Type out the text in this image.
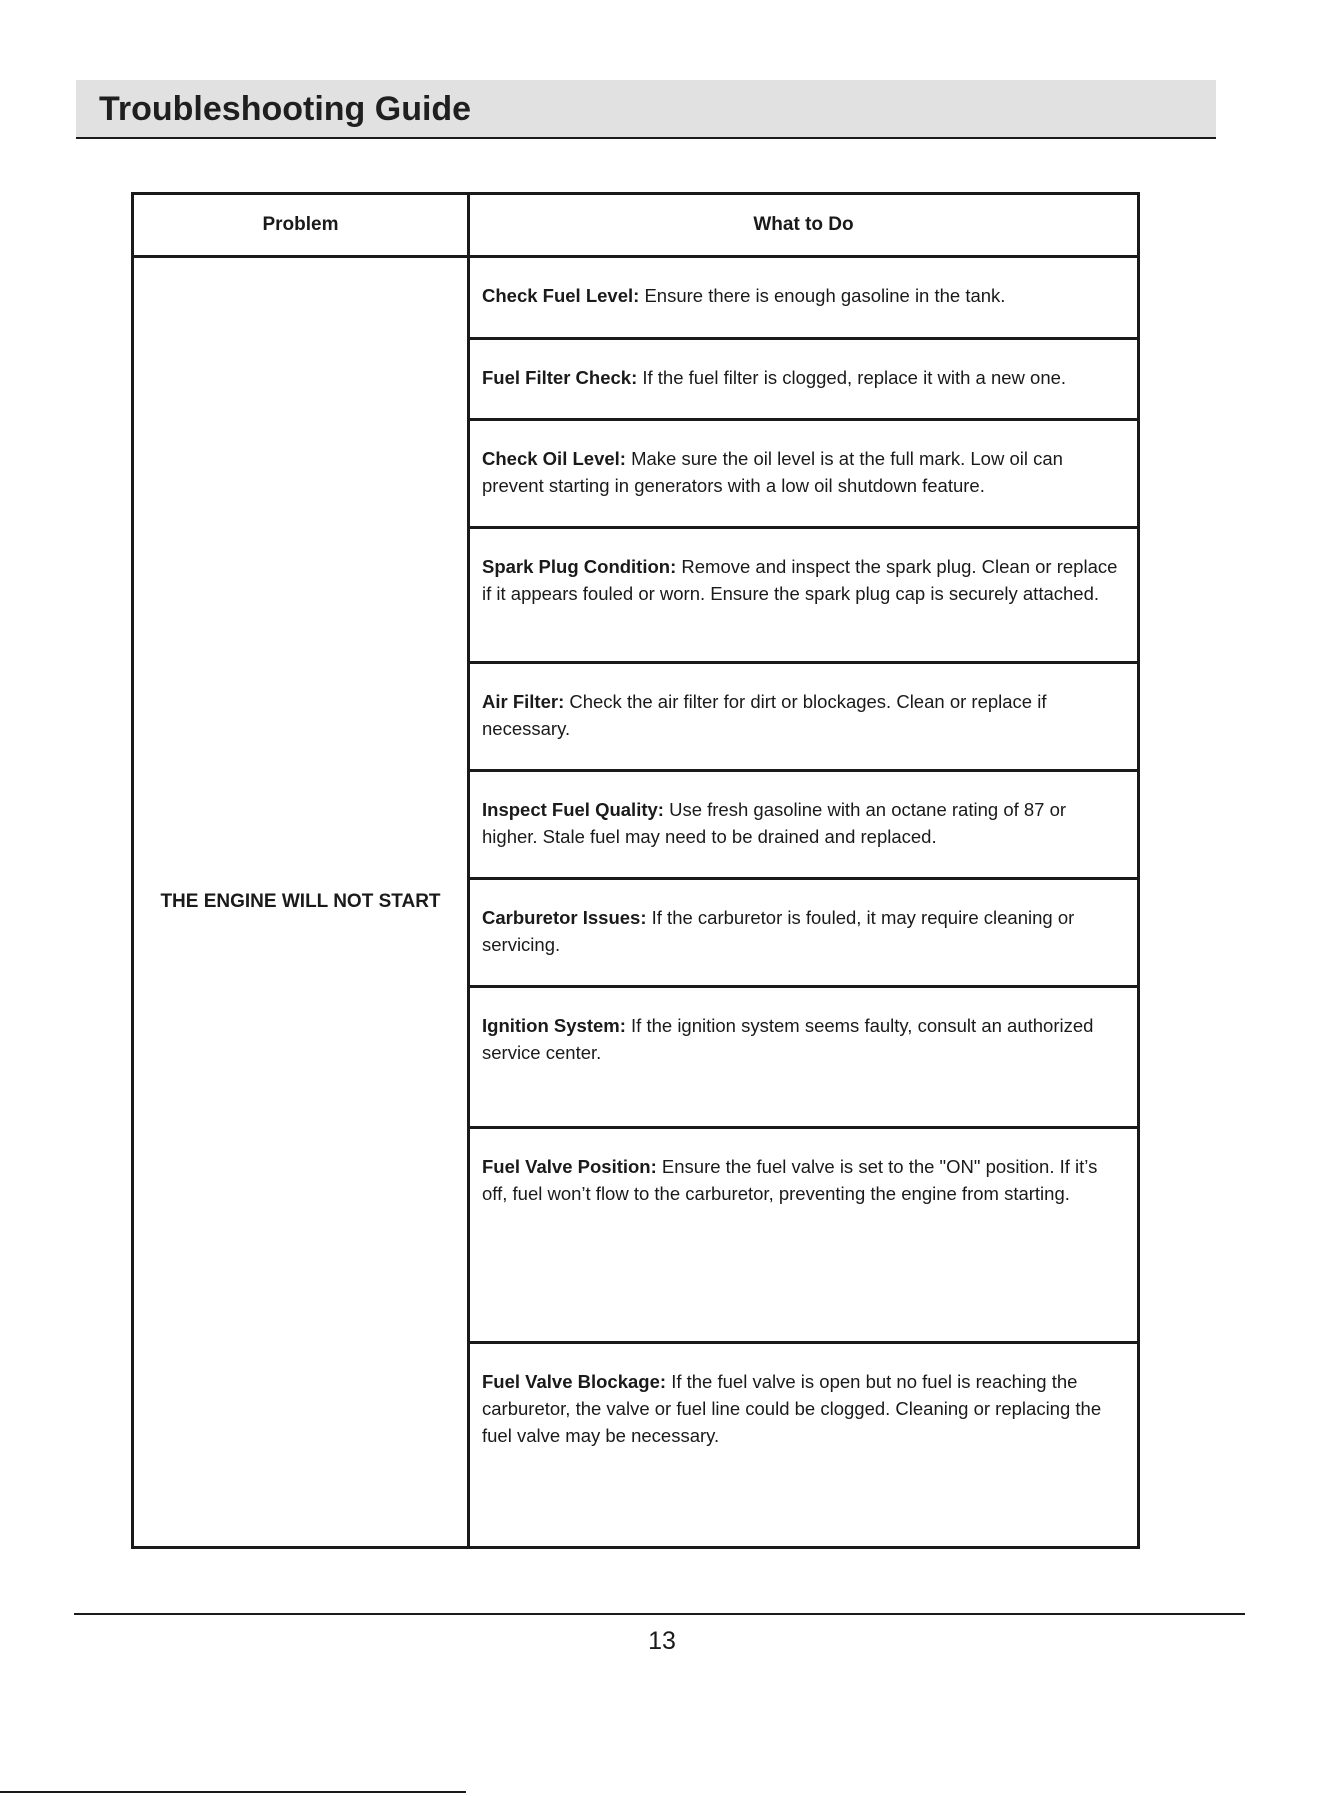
Troubleshooting Guide
Problem	What to Do
THE ENGINE WILL NOT START	Check Fuel Level: Ensure there is enough gasoline in the tank.
	Fuel Filter Check: If the fuel filter is clogged, replace it with a new one.
	Check Oil Level: Make sure the oil level is at the full mark. Low oil can prevent starting in generators with a low oil shutdown feature.
	Spark Plug Condition: Remove and inspect the spark plug. Clean or replace if it appears fouled or worn. Ensure the spark plug cap is securely attached.
	Air Filter: Check the air filter for dirt or blockages. Clean or replace if necessary.
	Inspect Fuel Quality: Use fresh gasoline with an octane rating of 87 or higher. Stale fuel may need to be drained and replaced.
	Carburetor Issues: If the carburetor is fouled, it may require cleaning or servicing.
	Ignition System: If the ignition system seems faulty, consult an authorized service center.
	Fuel Valve Position: Ensure the fuel valve is set to the "ON" position. If it’s off, fuel won’t flow to the carburetor, preventing the engine from starting.
	Fuel Valve Blockage: If the fuel valve is open but no fuel is reaching the carburetor, the valve or fuel line could be clogged. Cleaning or replacing the fuel valve may be necessary.
13
